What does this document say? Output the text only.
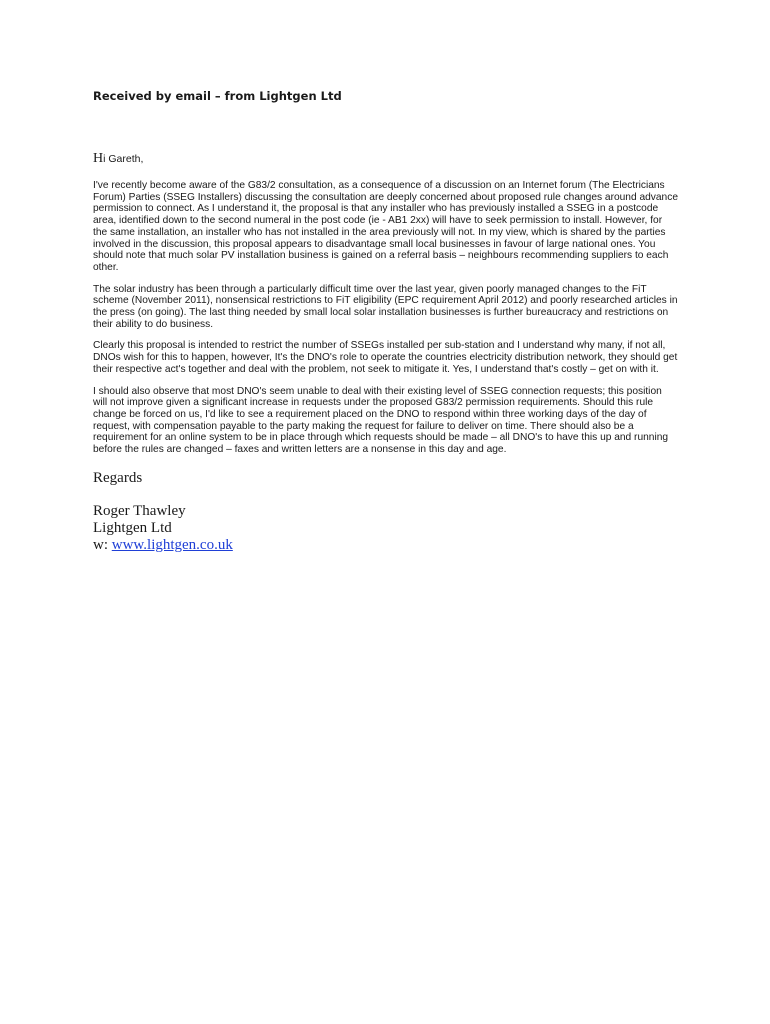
Received by email – from Lightgen Ltd

Hi Gareth,

I've recently become aware of the G83/2 consultation, as a consequence of a discussion on an Internet forum (The Electricians Forum) Parties (SSEG Installers) discussing the consultation are deeply concerned about proposed rule changes around advance permission to connect. As I understand it, the proposal is that any installer who has previously installed a SSEG in a postcode area, identified down to the second numeral in the post code (ie - AB1 2xx) will have to seek permission to install. However, for the same installation, an installer who has not installed in the area previously will not. In my view, which is shared by the parties involved in the discussion, this proposal appears to disadvantage small local businesses in favour of large national ones. You should note that much solar PV installation business is gained on a referral basis – neighbours recommending suppliers to each other.

The solar industry has been through a particularly difficult time over the last year, given poorly managed changes to the FiT scheme (November 2011), nonsensical restrictions to FiT eligibility (EPC requirement April 2012) and poorly researched articles in the press (on going). The last thing needed by small local solar installation businesses is further bureaucracy and restrictions on their ability to do business.

Clearly this proposal is intended to restrict the number of SSEGs installed per sub-station and I understand why many, if not all, DNOs wish for this to happen, however, It's the DNO's role to operate the countries electricity distribution network, they should get their respective act's together and deal with the problem, not seek to mitigate it. Yes, I understand that's costly – get on with it.

I should also observe that most DNO's seem unable to deal with their existing level of SSEG connection requests; this position will not improve given a significant increase in requests under the proposed G83/2 permission requirements. Should this rule change be forced on us, I'd like to see a requirement placed on the DNO to respond within three working days of the day of request, with compensation payable to the party making the request for failure to deliver on time. There should also be a requirement for an online system to be in place through which requests should be made – all DNO's to have this up and running before the rules are changed – faxes and written letters are a nonsense in this day and age.

Regards
Roger Thawley
Lightgen Ltd
w: www.lightgen.co.uk
